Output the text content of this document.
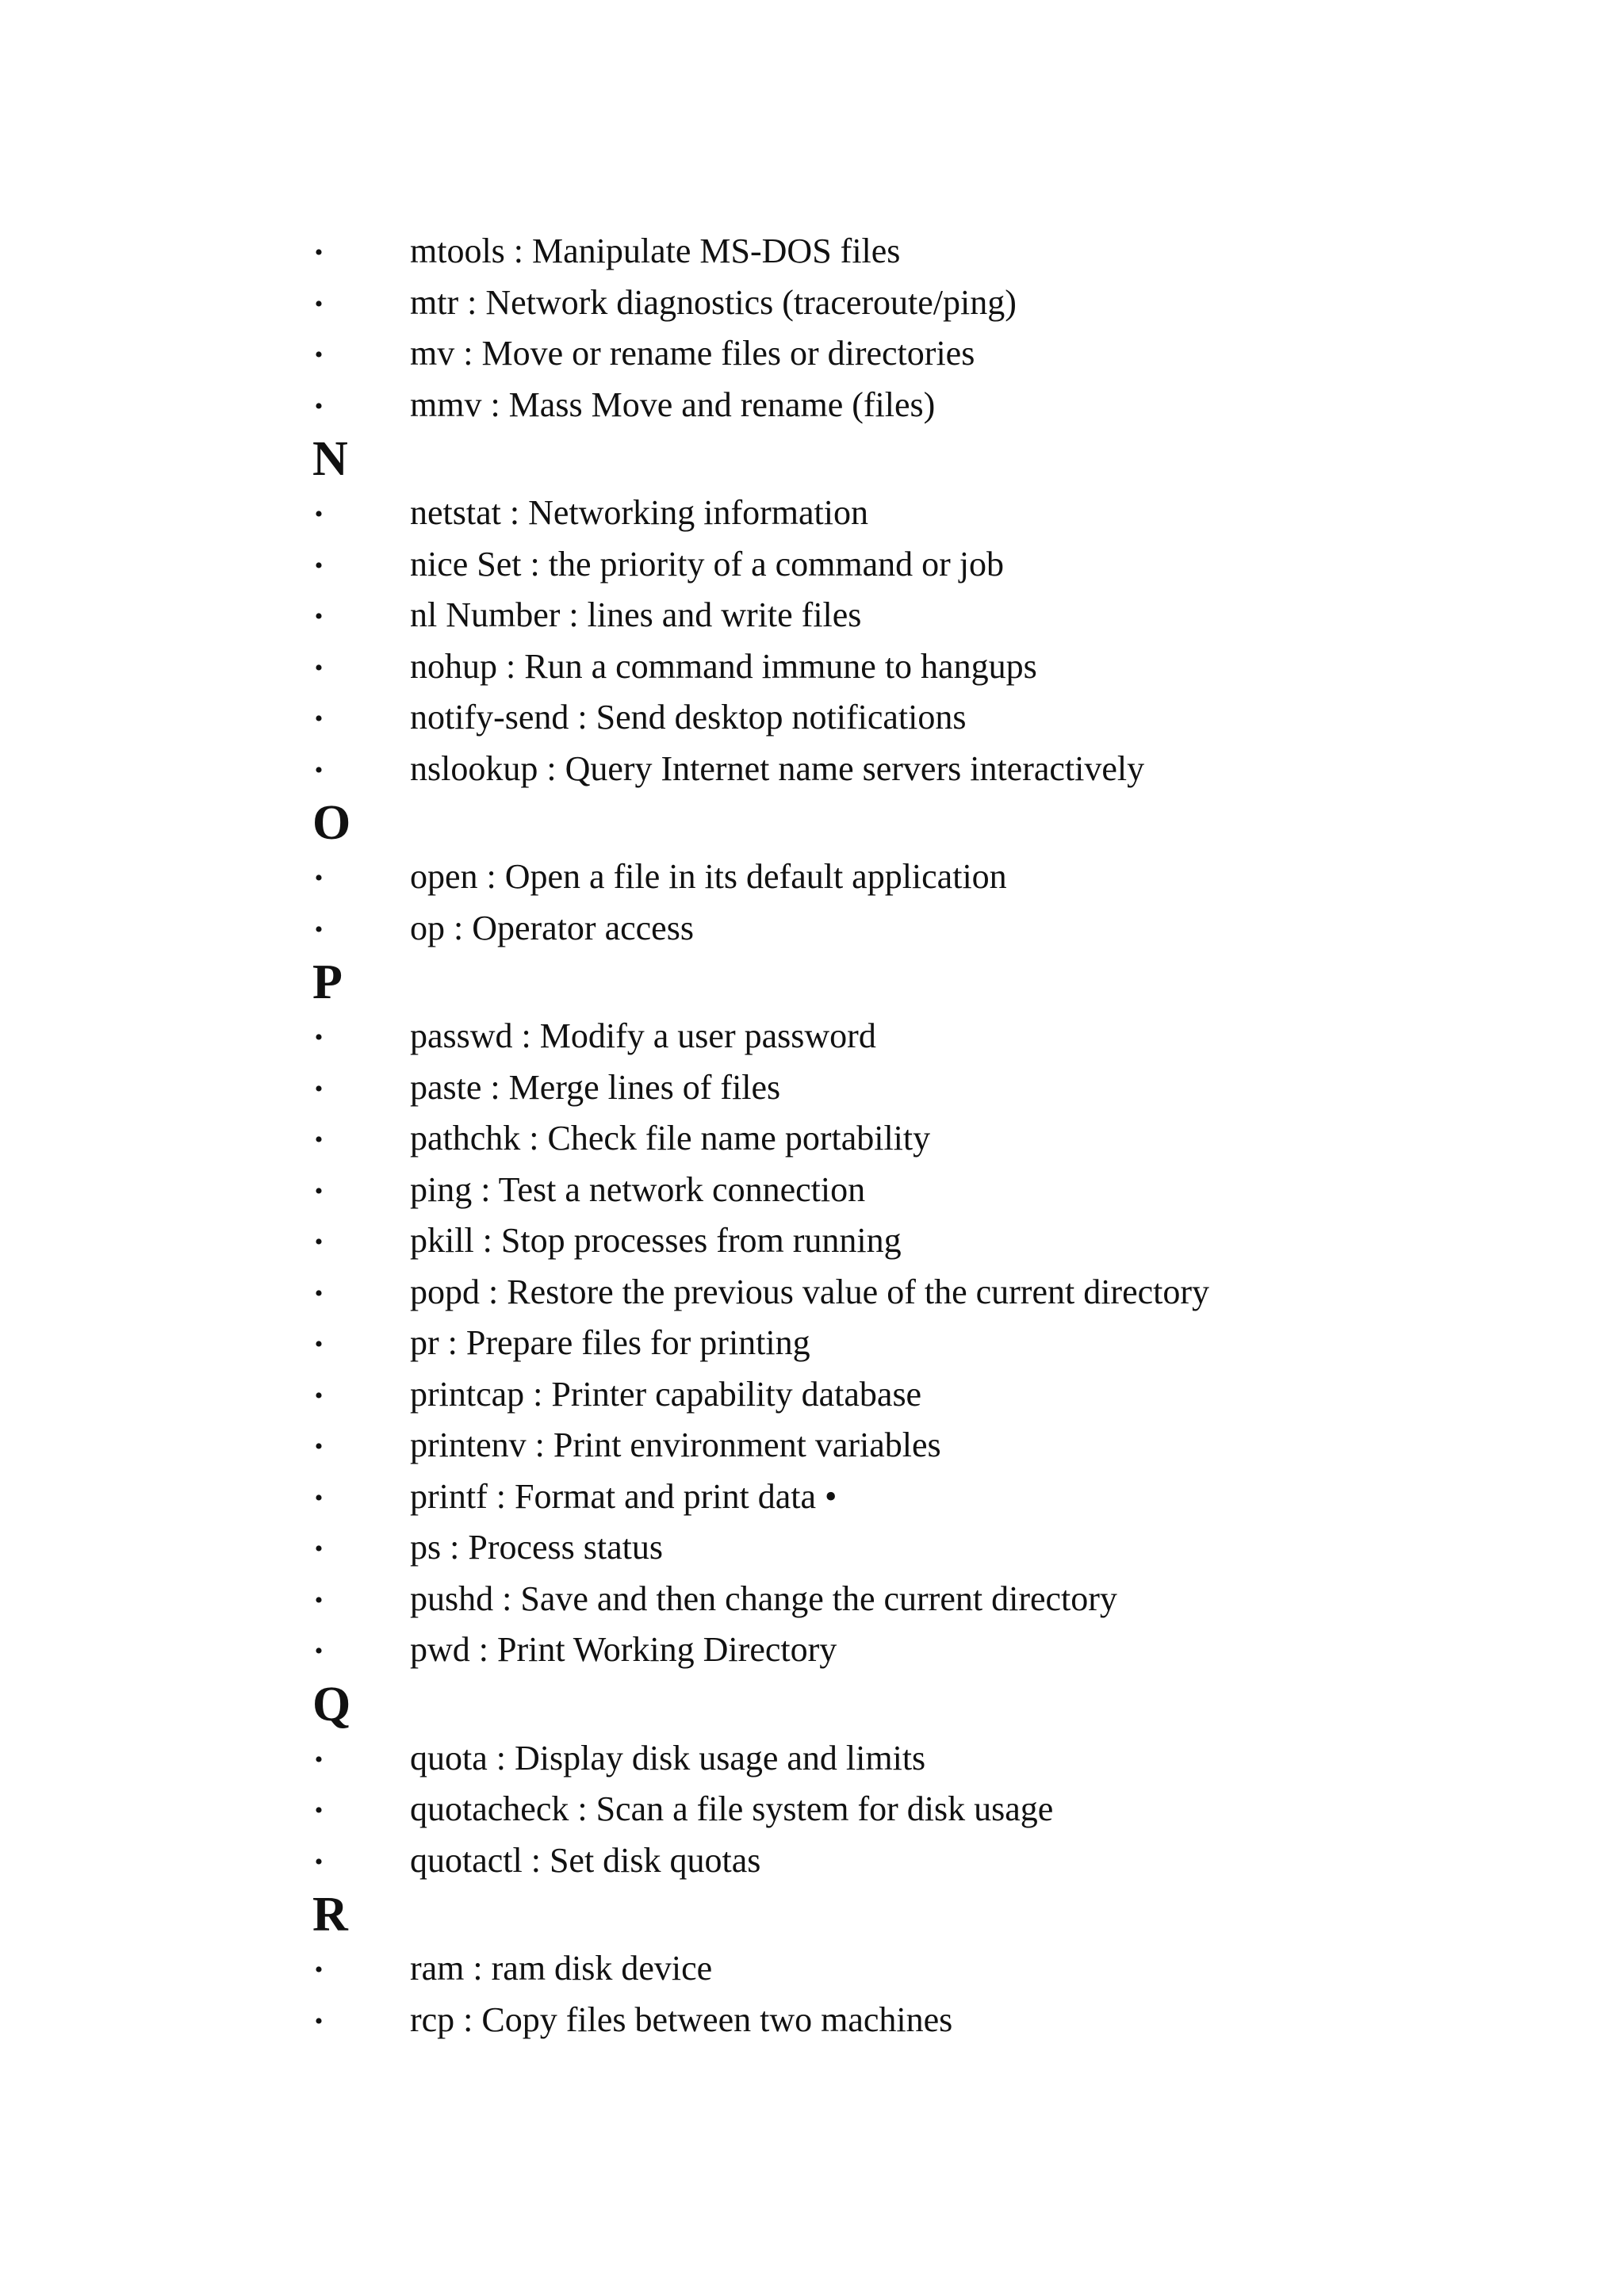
• mtools : Manipulate MS-DOS files
• mtr : Network diagnostics (traceroute/ping)
• mv : Move or rename files or directories
• mmv : Mass Move and rename (files)
N
• netstat : Networking information
• nice Set : the priority of a command or job
• nl Number : lines and write files
• nohup : Run a command immune to hangups
• notify-send : Send desktop notifications
• nslookup : Query Internet name servers interactively
O
• open : Open a file in its default application
• op : Operator access
P
• passwd : Modify a user password
• paste : Merge lines of files
• pathchk : Check file name portability
• ping : Test a network connection
• pkill : Stop processes from running
• popd : Restore the previous value of the current directory
• pr : Prepare files for printing
• printcap : Printer capability database
• printenv : Print environment variables
• printf : Format and print data •
• ps : Process status
• pushd : Save and then change the current directory
• pwd : Print Working Directory
Q
• quota : Display disk usage and limits
• quotacheck : Scan a file system for disk usage
• quotactl : Set disk quotas
R
• ram : ram disk device
• rcp : Copy files between two machines
